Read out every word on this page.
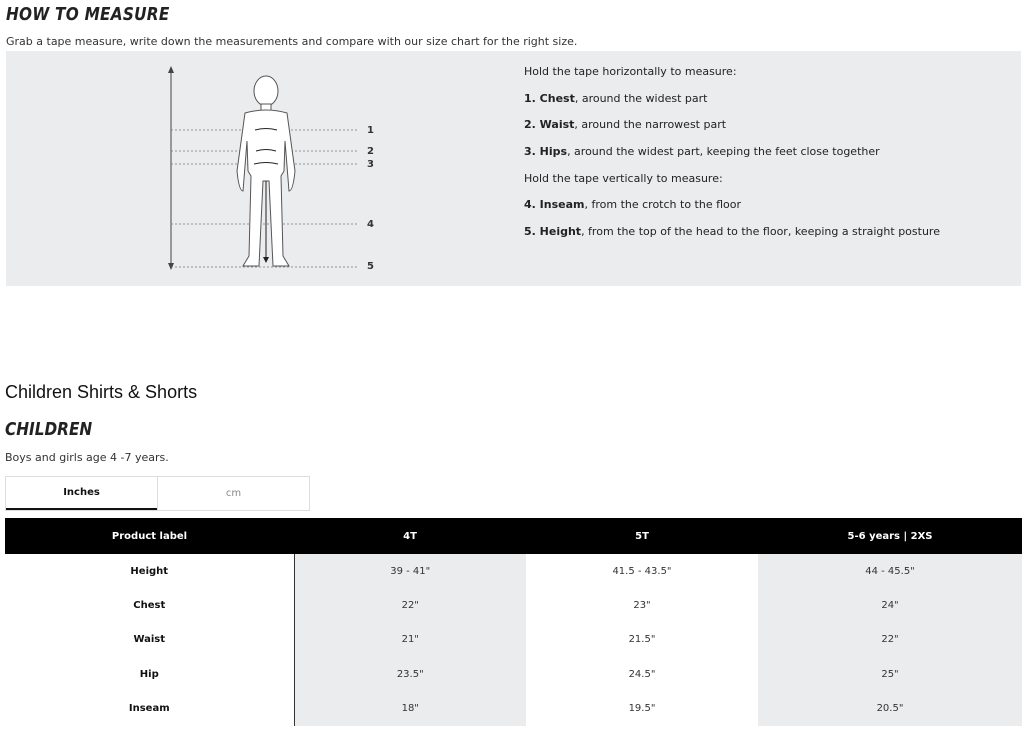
HOW TO MEASURE
Grab a tape measure, write down the measurements and compare with our size chart for the right size.
1
2
3
4
5
Hold the tape horizontally to measure:
1. Chest, around the widest part
2. Waist, around the narrowest part
3. Hips, around the widest part, keeping the feet close together
Hold the tape vertically to measure:
4. Inseam, from the crotch to the floor
5. Height, from the top of the head to the floor, keeping a straight posture
Children Shirts & Shorts
CHILDREN
Boys and girls age 4 -7 years.
Inches	cm
Product label	4T	5T	5-6 years | 2XS
Height	39 - 41"	41.5 - 43.5"	44 - 45.5"
Chest	22"	23"	24"
Waist	21"	21.5"	22"
Hip	23.5"	24.5"	25"
Inseam	18"	19.5"	20.5"
